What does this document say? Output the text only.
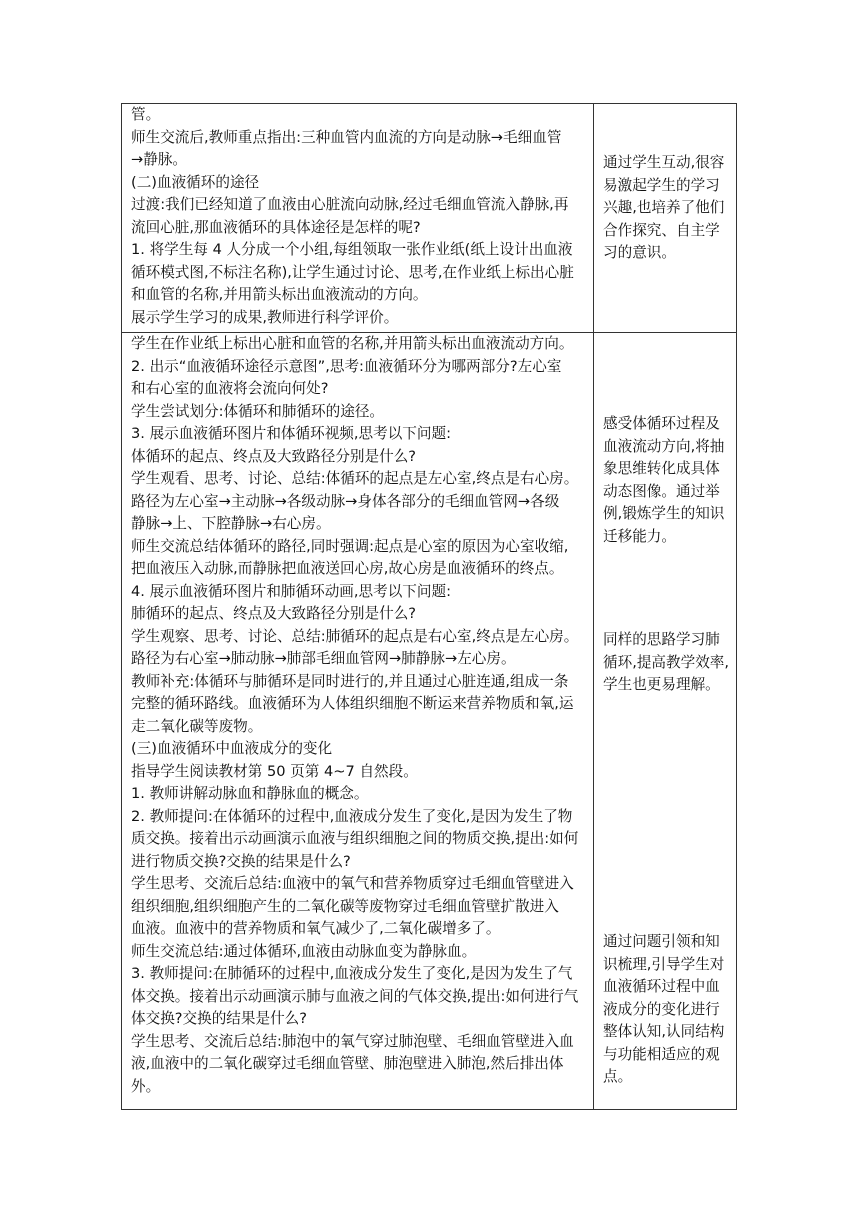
管。
师生交流后,教师重点指出:三种血管内血流的方向是动脉→毛细血管
→静脉。
(二)血液循环的途径
过渡:我们已经知道了血液由心脏流向动脉,经过毛细血管流入静脉,再
流回心脏,那血液循环的具体途径是怎样的呢?
1. 将学生每 4 人分成一个小组,每组领取一张作业纸(纸上设计出血液
循环模式图,不标注名称),让学生通过讨论、思考,在作业纸上标出心脏
和血管的名称,并用箭头标出血液流动的方向。
展示学生学习的成果,教师进行科学评价。
通过学生互动,很容易激起学生的学习兴趣,也培养了他们合作探究、自主学习的意识。
学生在作业纸上标出心脏和血管的名称,并用箭头标出血液流动方向。
2. 出示“血液循环途径示意图”,思考:血液循环分为哪两部分?左心室
和右心室的血液将会流向何处?
学生尝试划分:体循环和肺循环的途径。
3. 展示血液循环图片和体循环视频,思考以下问题:
体循环的起点、终点及大致路径分别是什么?
学生观看、思考、讨论、总结:体循环的起点是左心室,终点是右心房。
路径为左心室→主动脉→各级动脉→身体各部分的毛细血管网→各级
静脉→上、下腔静脉→右心房。
师生交流总结体循环的路径,同时强调:起点是心室的原因为心室收缩,
把血液压入动脉,而静脉把血液送回心房,故心房是血液循环的终点。
4. 展示血液循环图片和肺循环动画,思考以下问题:
肺循环的起点、终点及大致路径分别是什么?
学生观察、思考、讨论、总结:肺循环的起点是右心室,终点是左心房。
路径为右心室→肺动脉→肺部毛细血管网→肺静脉→左心房。
教师补充:体循环与肺循环是同时进行的,并且通过心脏连通,组成一条
完整的循环路线。血液循环为人体组织细胞不断运来营养物质和氧,运
走二氧化碳等废物。
(三)血液循环中血液成分的变化
指导学生阅读教材第 50 页第 4~7 自然段。
1. 教师讲解动脉血和静脉血的概念。
2. 教师提问:在体循环的过程中,血液成分发生了变化,是因为发生了物
质交换。接着出示动画演示血液与组织细胞之间的物质交换,提出:如何
进行物质交换?交换的结果是什么?
学生思考、交流后总结:血液中的氧气和营养物质穿过毛细血管壁进入
组织细胞,组织细胞产生的二氧化碳等废物穿过毛细血管壁扩散进入
血液。血液中的营养物质和氧气减少了,二氧化碳增多了。
师生交流总结:通过体循环,血液由动脉血变为静脉血。
3. 教师提问:在肺循环的过程中,血液成分发生了变化,是因为发生了气
体交换。接着出示动画演示肺与血液之间的气体交换,提出:如何进行气
体交换?交换的结果是什么?
学生思考、交流后总结:肺泡中的氧气穿过肺泡壁、毛细血管壁进入血
液,血液中的二氧化碳穿过毛细血管壁、肺泡壁进入肺泡,然后排出体
外。
感受体循环过程及血液流动方向,将抽象思维转化成具体动态图像。通过举例,锻炼学生的知识迁移能力。
同样的思路学习肺循环,提高教学效率,学生也更易理解。
通过问题引领和知识梳理,引导学生对血液循环过程中血液成分的变化进行整体认知,认同结构与功能相适应的观点。
